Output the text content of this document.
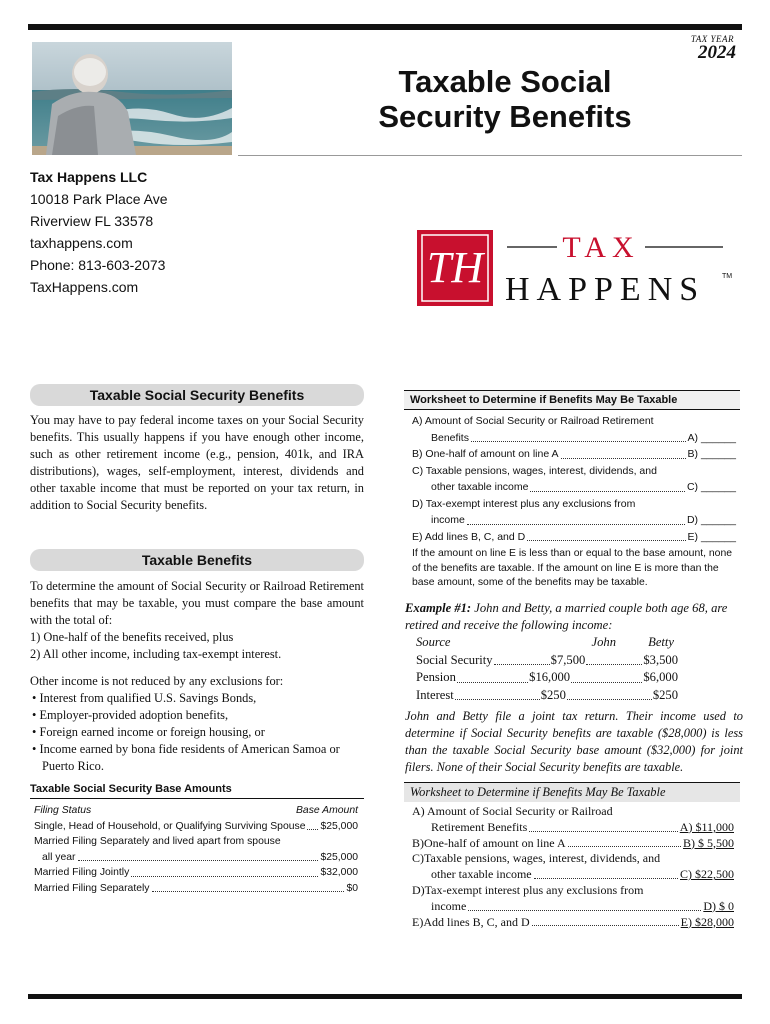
TAX YEAR
2024
Taxable Social
Security Benefits
Tax Happens LLC
10018 Park Place Ave
Riverview FL 33578
taxhappens.com
Phone: 813-603-2073
TaxHappens.com	TH	TAX
HAPPENS TM
Taxable Social Security Benefits
You may have to pay federal income taxes on your Social Security benefits. This usually happens if you have enough other income, such as other retirement income (e.g., pension, 401k, and IRA distributions), wages, self-employment, interest, dividends and other taxable income that must be reported on your tax return, in addition to Social Security benefits.
Taxable Benefits

To determine the amount of Social Security or Railroad Retirement benefits that may be taxable, you must compare the base amount with the total of:

1) One-half of the benefits received, plus

2) All other income, including tax-exempt interest.

Other income is not reduced by any exclusions for:

• Interest from qualified U.S. Savings Bonds,
• Employer-provided adoption benefits,
• Foreign earned income or foreign housing, or
• Income earned by bona fide residents of American Samoa or Puerto Rico.
Taxable Social Security Base Amounts
Filing Status	Base Amount
Single, Head of Household, or Qualifying Surviving Spouse $25,000
Married Filing Separately and lived apart from spouse
all year	$25,000
Married Filing Jointly	$32,000
Married Filing Separately	$0
Worksheet to Determine if Benefits May Be Taxable
A) Amount of Social Security or Railroad Retirement
Benefits	A) ______
B) One-half of amount on line A	B) ______
C) Taxable pensions, wages, interest, dividends, and
other taxable income	C) ______
D) Tax-exempt interest plus any exclusions from
income	D) ______
E) Add lines B, C, and D	E) ______
If the amount on line E is less than or equal to the base amount, none of the benefits are taxable. If the amount on line E is more than the base amount, some of the benefits may be taxable.
Example #1: John and Betty, a married couple both age 68, are retired and receive the following income:
Source	John	Betty
Social Security	$7,500	$3,500
Pension	$16,000	$6,000
Interest	$250	$250
John and Betty file a joint tax return. Their income used to determine if Social Security benefits are taxable ($28,000) is less than the taxable Social Security base amount ($32,000) for joint filers. None of their Social Security benefits are taxable.
Worksheet to Determine if Benefits May Be Taxable
A) Amount of Social Security or Railroad
Retirement Benefits	A) $11,000
B)One-half of amount on line A	B) $ 5,500
C)Taxable pensions, wages, interest, dividends, and
other taxable income	C) $22,500
D)Tax-exempt interest plus any exclusions from
income	D) $ 0
E)Add lines B, C, and D	E) $28,000
